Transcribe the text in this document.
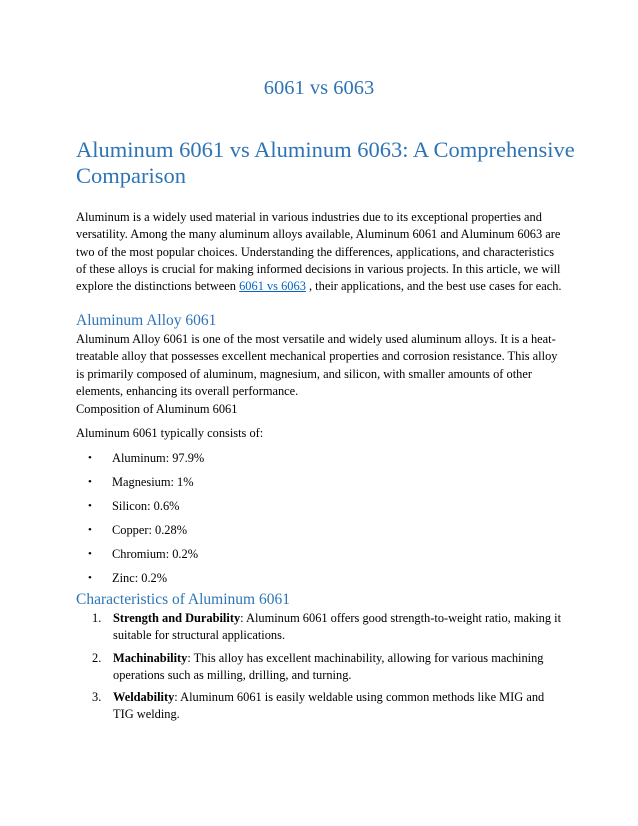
6061 vs 6063
Aluminum 6061 vs Aluminum 6063: A Comprehensive Comparison
Aluminum is a widely used material in various industries due to its exceptional properties and versatility. Among the many aluminum alloys available, Aluminum 6061 and Aluminum 6063 are two of the most popular choices. Understanding the differences, applications, and characteristics of these alloys is crucial for making informed decisions in various projects. In this article, we will explore the distinctions between 6061 vs 6063 , their applications, and the best use cases for each.
Aluminum Alloy 6061
Aluminum Alloy 6061 is one of the most versatile and widely used aluminum alloys. It is a heat-treatable alloy that possesses excellent mechanical properties and corrosion resistance. This alloy is primarily composed of aluminum, magnesium, and silicon, with smaller amounts of other elements, enhancing its overall performance.
Composition of Aluminum 6061
Aluminum 6061 typically consists of:
• Aluminum: 97.9%
• Magnesium: 1%
• Silicon: 0.6%
• Copper: 0.28%
• Chromium: 0.2%
• Zinc: 0.2%
Characteristics of Aluminum 6061
1. Strength and Durability: Aluminum 6061 offers good strength-to-weight ratio, making it suitable for structural applications.
2. Machinability: This alloy has excellent machinability, allowing for various machining operations such as milling, drilling, and turning.
3. Weldability: Aluminum 6061 is easily weldable using common methods like MIG and TIG welding.
